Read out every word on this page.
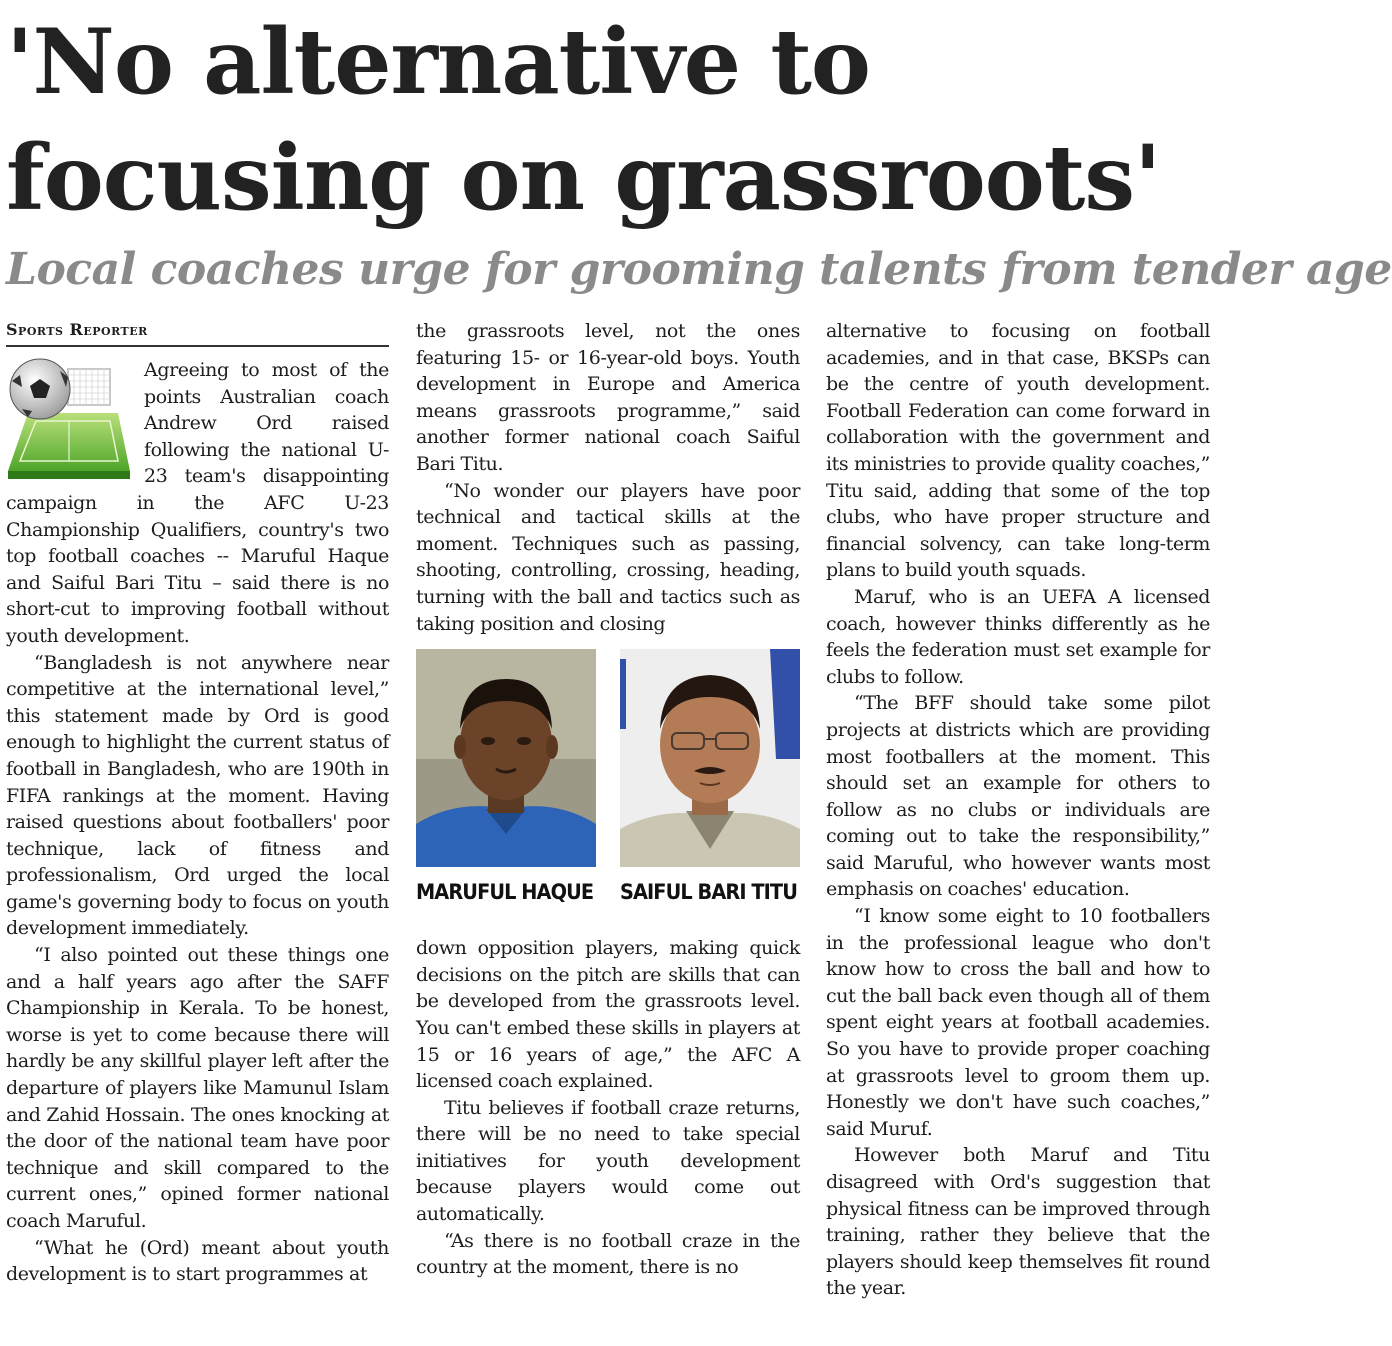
'No alternative to focusing on grassroots'
Local coaches urge for grooming talents from tender age
Sports Reporter

Agreeing to most of the points Australian coach Andrew Ord raised following the national U-23 team's disappointing campaign in the AFC U-23 Championship Qualifiers, country's two top football coaches -- Maruful Haque and Saiful Bari Titu – said there is no short-cut to improving football without youth development.

“Bangladesh is not anywhere near competitive at the international level,” this statement made by Ord is good enough to highlight the current status of football in Bangladesh, who are 190th in FIFA rankings at the moment. Having raised questions about footballers' poor technique, lack of fitness and professionalism, Ord urged the local game's governing body to focus on youth development immediately.

“I also pointed out these things one and a half years ago after the SAFF Championship in Kerala. To be honest, worse is yet to come because there will hardly be any skillful player left after the departure of players like Mamunul Islam and Zahid Hossain. The ones knocking at the door of the national team have poor technique and skill compared to the current ones,” opined former national coach Maruful.

“What he (Ord) meant about youth development is to start programmes at

the grassroots level, not the ones featuring 15- or 16-year-old boys. Youth development in Europe and America means grassroots programme,” said another former national coach Saiful Bari Titu.

“No wonder our players have poor technical and tactical skills at the moment. Techniques such as passing, shooting, controlling, crossing, heading, turning with the ball and tactics such as taking position and closing

MARUFUL HAQUE SAIFUL BARI TITU

down opposition players, making quick decisions on the pitch are skills that can be developed from the grassroots level. You can't embed these skills in players at 15 or 16 years of age,” the AFC A licensed coach explained.

Titu believes if football craze returns, there will be no need to take special initiatives for youth development because players would come out automatically.

“As there is no football craze in the country at the moment, there is no

alternative to focusing on football academies, and in that case, BKSPs can be the centre of youth development. Football Federation can come forward in collaboration with the government and its ministries to provide quality coaches,” Titu said, adding that some of the top clubs, who have proper structure and financial solvency, can take long-term plans to build youth squads.

Maruf, who is an UEFA A licensed coach, however thinks differently as he feels the federation must set example for clubs to follow.

“The BFF should take some pilot projects at districts which are providing most footballers at the moment. This should set an example for others to follow as no clubs or individuals are coming out to take the responsibility,” said Maruful, who however wants most emphasis on coaches' education.

“I know some eight to 10 footballers in the professional league who don't know how to cross the ball and how to cut the ball back even though all of them spent eight years at football academies. So you have to provide proper coaching at grassroots level to groom them up. Honestly we don't have such coaches,” said Muruf.

However both Maruf and Titu disagreed with Ord's suggestion that physical fitness can be improved through training, rather they believe that the players should keep themselves fit round the year.
